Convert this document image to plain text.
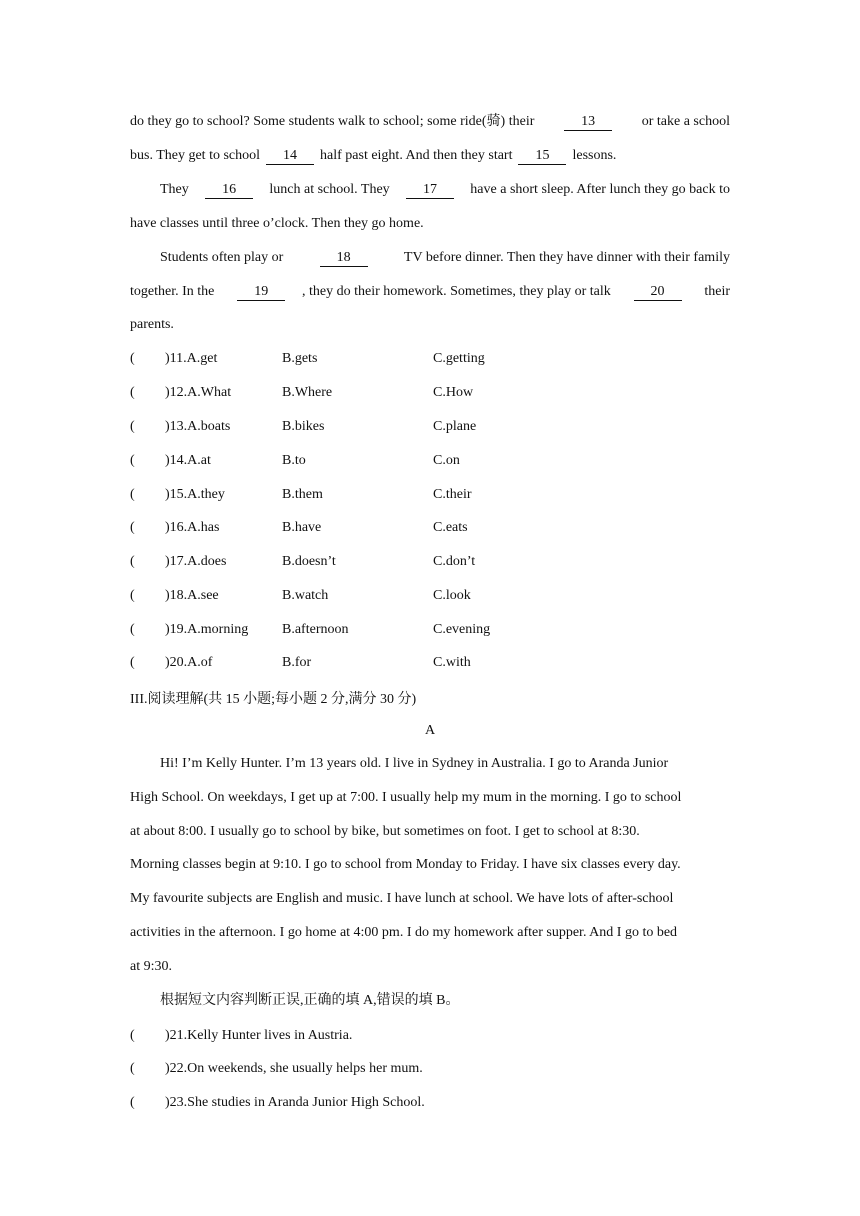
do they go to school? Some students walk to school; some ride(骑) their	13	or take a school
bus. They get to school 14 half past eight. And then they start 15 lessons.
They	16	lunch at school. They	17	have a short sleep. After lunch they go back to
have classes until three o’clock. Then they go home.
Students often play or	18	TV before dinner. Then they have dinner with their family
together. In the	19	, they do their homework. Sometimes, they play or talk	20	their
parents.
( )11.A.get	B.gets	C.getting
( )12.A.What	B.Where	C.How
( )13.A.boats	B.bikes	C.plane
( )14.A.at	B.to	C.on
( )15.A.they	B.them	C.their
( )16.A.has	B.have	C.eats
( )17.A.does	B.doesn’t	C.don’t
( )18.A.see	B.watch	C.look
( )19.A.morning B.afternoon	C.evening
( )20.A.of	B.for	C.with
III.阅读理解(共 15 小题;每小题 2 分,满分 30 分)
A
Hi! I’m Kelly Hunter. I’m 13 years old. I live in Sydney in Australia. I go to Aranda Junior
High School. On weekdays, I get up at 7:00. I usually help my mum in the morning. I go to school
at about 8:00. I usually go to school by bike, but sometimes on foot. I get to school at 8:30.
Morning classes begin at 9:10. I go to school from Monday to Friday. I have six classes every day.
My favourite subjects are English and music. I have lunch at school. We have lots of after-school
activities in the afternoon. I go home at 4:00 pm. I do my homework after supper. And I go to bed
at 9:30.
根据短文内容判断正误,正确的填 A,错误的填 B。
( )21.Kelly Hunter lives in Austria.
( )22.On weekends, she usually helps her mum.
( )23.She studies in Aranda Junior High School.
